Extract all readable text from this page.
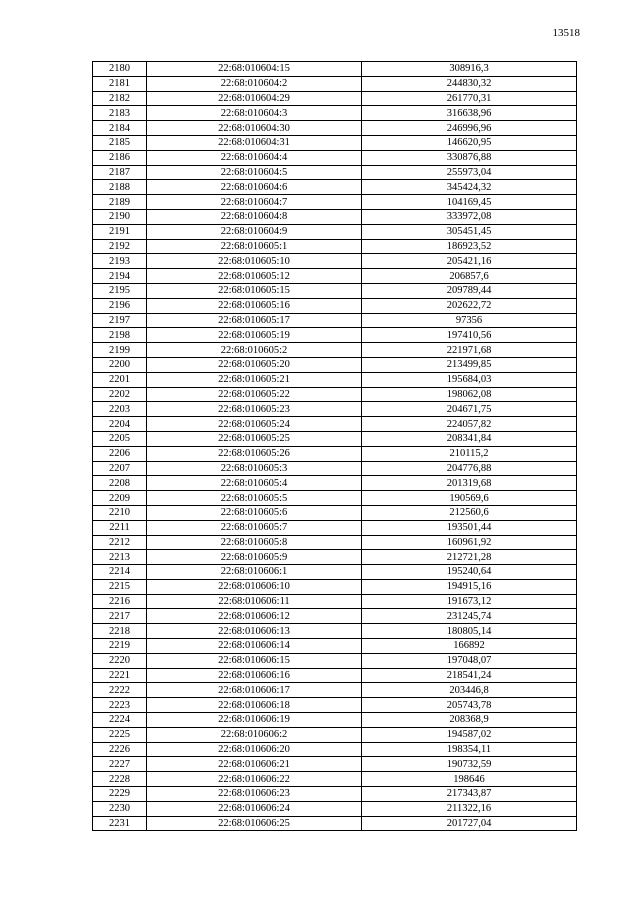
13518
2180	22:68:010604:15	308916,3
2181	22:68:010604:2	244830,32
2182	22:68:010604:29	261770,31
2183	22:68:010604:3	316638,96
2184	22:68:010604:30	246996,96
2185	22:68:010604:31	146620,95
2186	22:68:010604:4	330876,88
2187	22:68:010604:5	255973,04
2188	22:68:010604:6	345424,32
2189	22:68:010604:7	104169,45
2190	22:68:010604:8	333972,08
2191	22:68:010604:9	305451,45
2192	22:68:010605:1	186923,52
2193	22:68:010605:10	205421,16
2194	22:68:010605:12	206857,6
2195	22:68:010605:15	209789,44
2196	22:68:010605:16	202622,72
2197	22:68:010605:17	97356
2198	22:68:010605:19	197410,56
2199	22:68:010605:2	221971,68
2200	22:68:010605:20	213499,85
2201	22:68:010605:21	195684,03
2202	22:68:010605:22	198062,08
2203	22:68:010605:23	204671,75
2204	22:68:010605:24	224057,82
2205	22:68:010605:25	208341,84
2206	22:68:010605:26	210115,2
2207	22:68:010605:3	204776,88
2208	22:68:010605:4	201319,68
2209	22:68:010605:5	190569,6
2210	22:68:010605:6	212560,6
2211	22:68:010605:7	193501,44
2212	22:68:010605:8	160961,92
2213	22:68:010605:9	212721,28
2214	22:68:010606:1	195240,64
2215	22:68:010606:10	194915,16
2216	22:68:010606:11	191673,12
2217	22:68:010606:12	231245,74
2218	22:68:010606:13	180805,14
2219	22:68:010606:14	166892
2220	22:68:010606:15	197048,07
2221	22:68:010606:16	218541,24
2222	22:68:010606:17	203446,8
2223	22:68:010606:18	205743,78
2224	22:68:010606:19	208368,9
2225	22:68:010606:2	194587,02
2226	22:68:010606:20	198354,11
2227	22:68:010606:21	190732,59
2228	22:68:010606:22	198646
2229	22:68:010606:23	217343,87
2230	22:68:010606:24	211322,16
2231	22:68:010606:25	201727,04
